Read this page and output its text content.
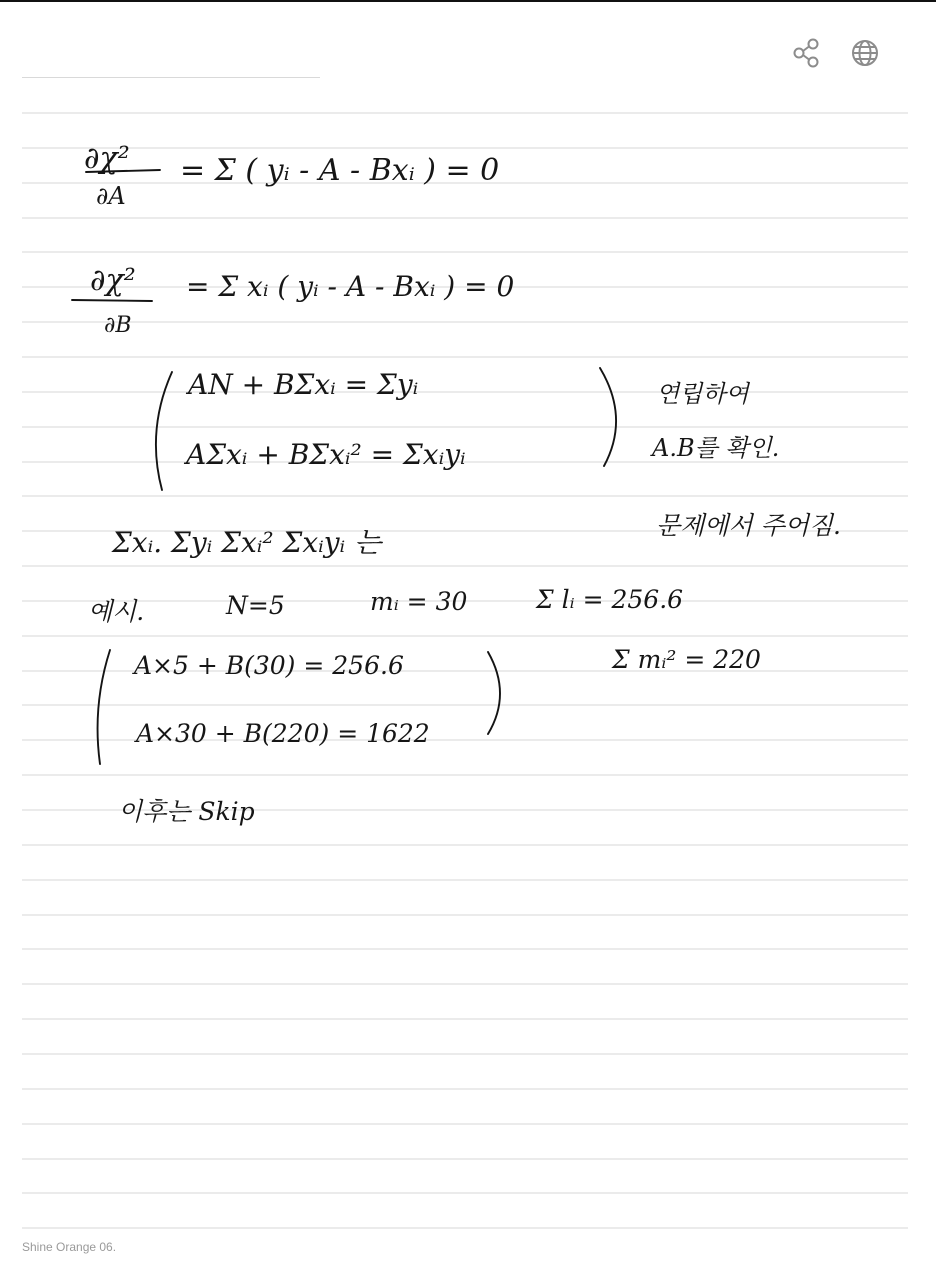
∂χ²
∂A
= Σ ( yᵢ - A - Bxᵢ ) = 0
∂χ²
∂B
= Σ xᵢ ( yᵢ - A - Bxᵢ ) = 0
AN + BΣxᵢ = Σyᵢ
AΣxᵢ + BΣxᵢ² = Σxᵢyᵢ
연립하여
A.B를 확인.
Σxᵢ. Σyᵢ Σxᵢ² Σxᵢyᵢ 는
문제에서 주어짐.
예시.	N=5	mᵢ = 30	Σ lᵢ = 256.6
Σ mᵢ² = 220
A×5 + B(30) = 256.6
A×30 + B(220) = 1622
이후는 Skip
Shine Orange 06.
